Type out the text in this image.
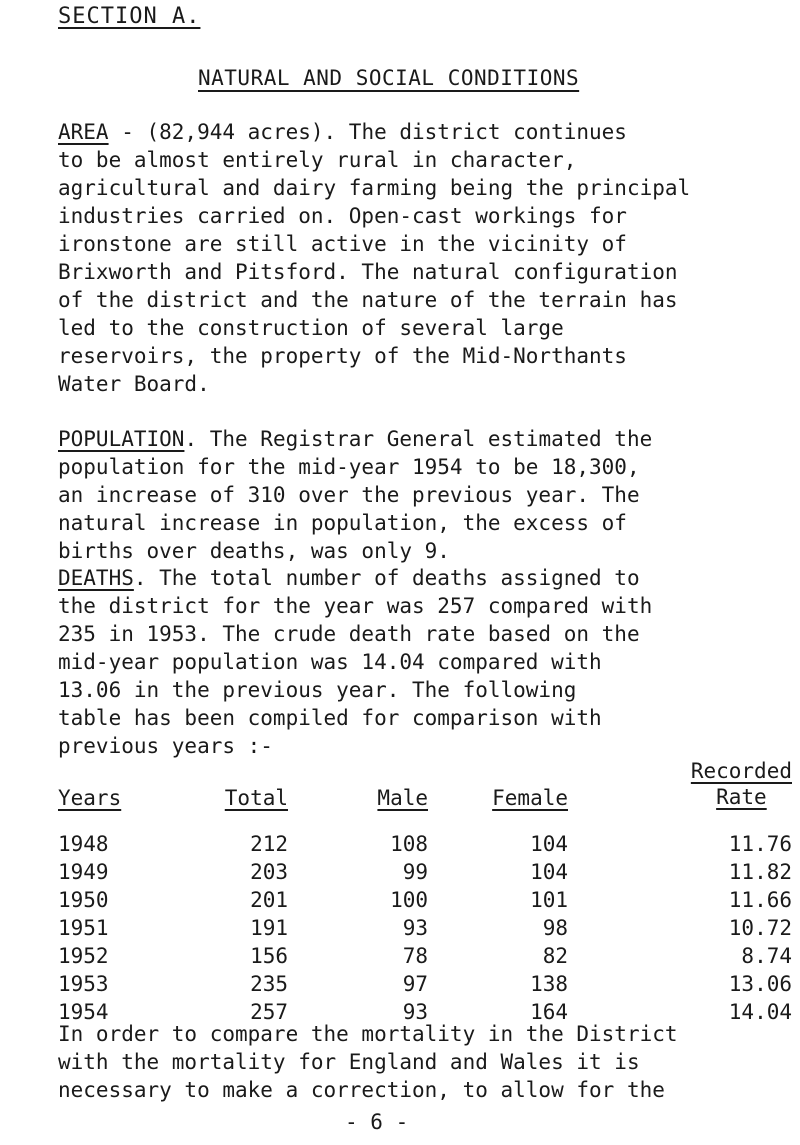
SECTION A.
NATURAL AND SOCIAL CONDITIONS
AREA - (82,944 acres). The district continues
to be almost entirely rural in character,
agricultural and dairy farming being the principal
industries carried on. Open-cast workings for
ironstone are still active in the vicinity of
Brixworth and Pitsford. The natural configuration
of the district and the nature of the terrain has
led to the construction of several large
reservoirs, the property of the Mid-Northants
Water Board.
POPULATION. The Registrar General estimated the
population for the mid-year 1954 to be 18,300,
an increase of 310 over the previous year. The
natural increase in population, the excess of
births over deaths, was only 9.
DEATHS. The total number of deaths assigned to
the district for the year was 257 compared with
235 in 1953. The crude death rate based on the
mid-year population was 14.04 compared with
13.06 in the previous year. The following
table has been compiled for comparison with
previous years :-
Years	Total	Male	Female	Recorded
Rate

1948	212	108	104	11.76
1949	203	99	104	11.82
1950	201	100	101	11.66
1951	191	93	98	10.72
1952	156	78	82	8.74
1953	235	97	138	13.06
1954	257	93	164	14.04
In order to compare the mortality in the District
with the mortality for England and Wales it is
necessary to make a correction, to allow for the

- 6 -
